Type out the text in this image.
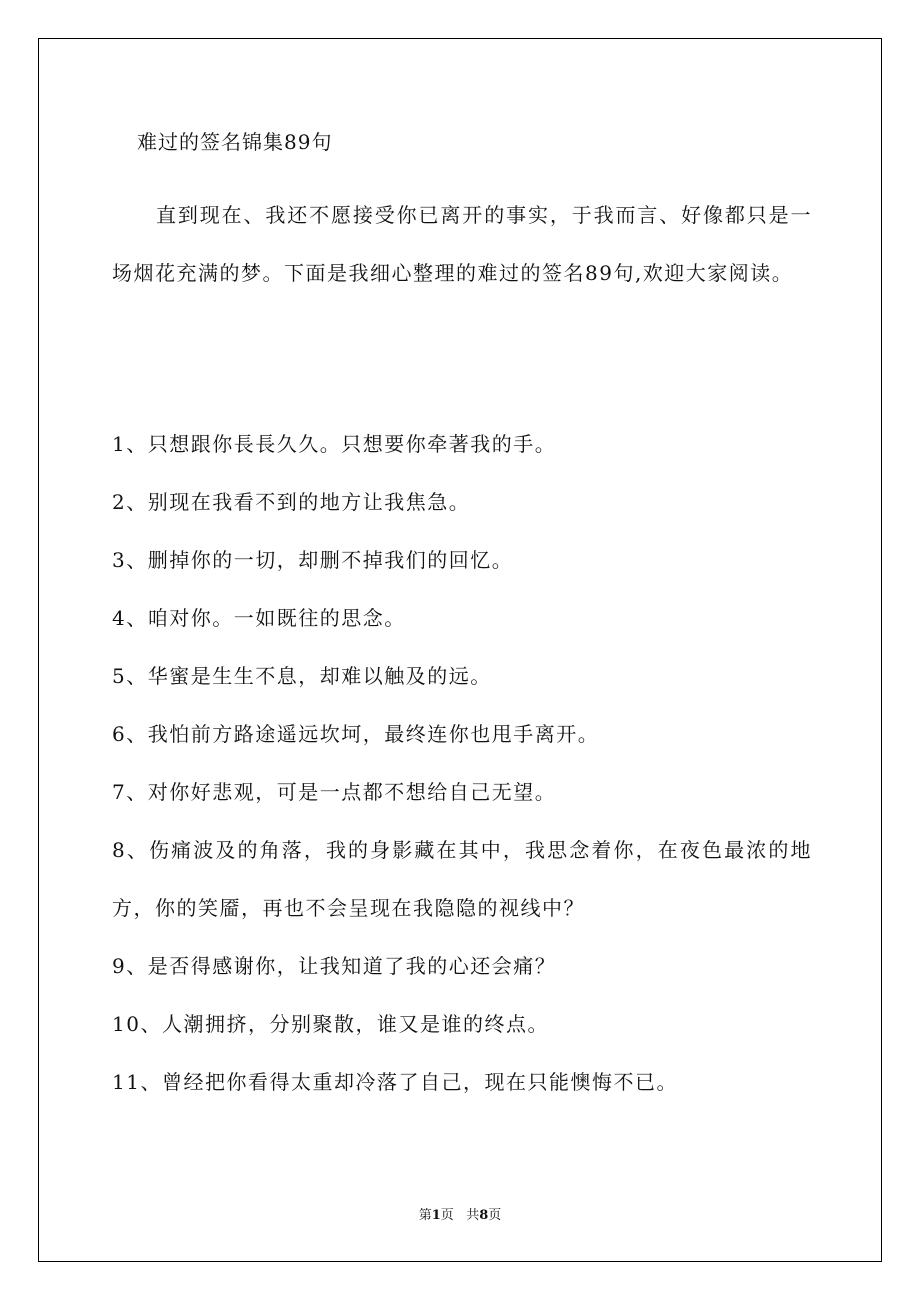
难过的签名锦集89句

直到现在、我还不愿接受你已离开的事实，于我而言、好像都只是一场烟花充满的梦。下面是我细心整理的难过的签名89句,欢迎大家阅读。

1、只想跟你長長久久。只想要你牵著我的手。
2、别现在我看不到的地方让我焦急。
3、删掉你的一切，却删不掉我们的回忆。
4、咱对你。一如既往的思念。
5、华蜜是生生不息，却难以触及的远。
6、我怕前方路途遥远坎坷，最终连你也甩手离开。
7、对你好悲观，可是一点都不想给自己无望。
8、伤痛波及的角落，我的身影藏在其中，我思念着你，在夜色最浓的地方，你的笑靥，再也不会呈现在我隐隐的视线中？
9、是否得感谢你，让我知道了我的心还会痛？
10、人潮拥挤，分别聚散，谁又是谁的终点。
11、曾经把你看得太重却冷落了自己，现在只能懊悔不已。
第1页 共8页
